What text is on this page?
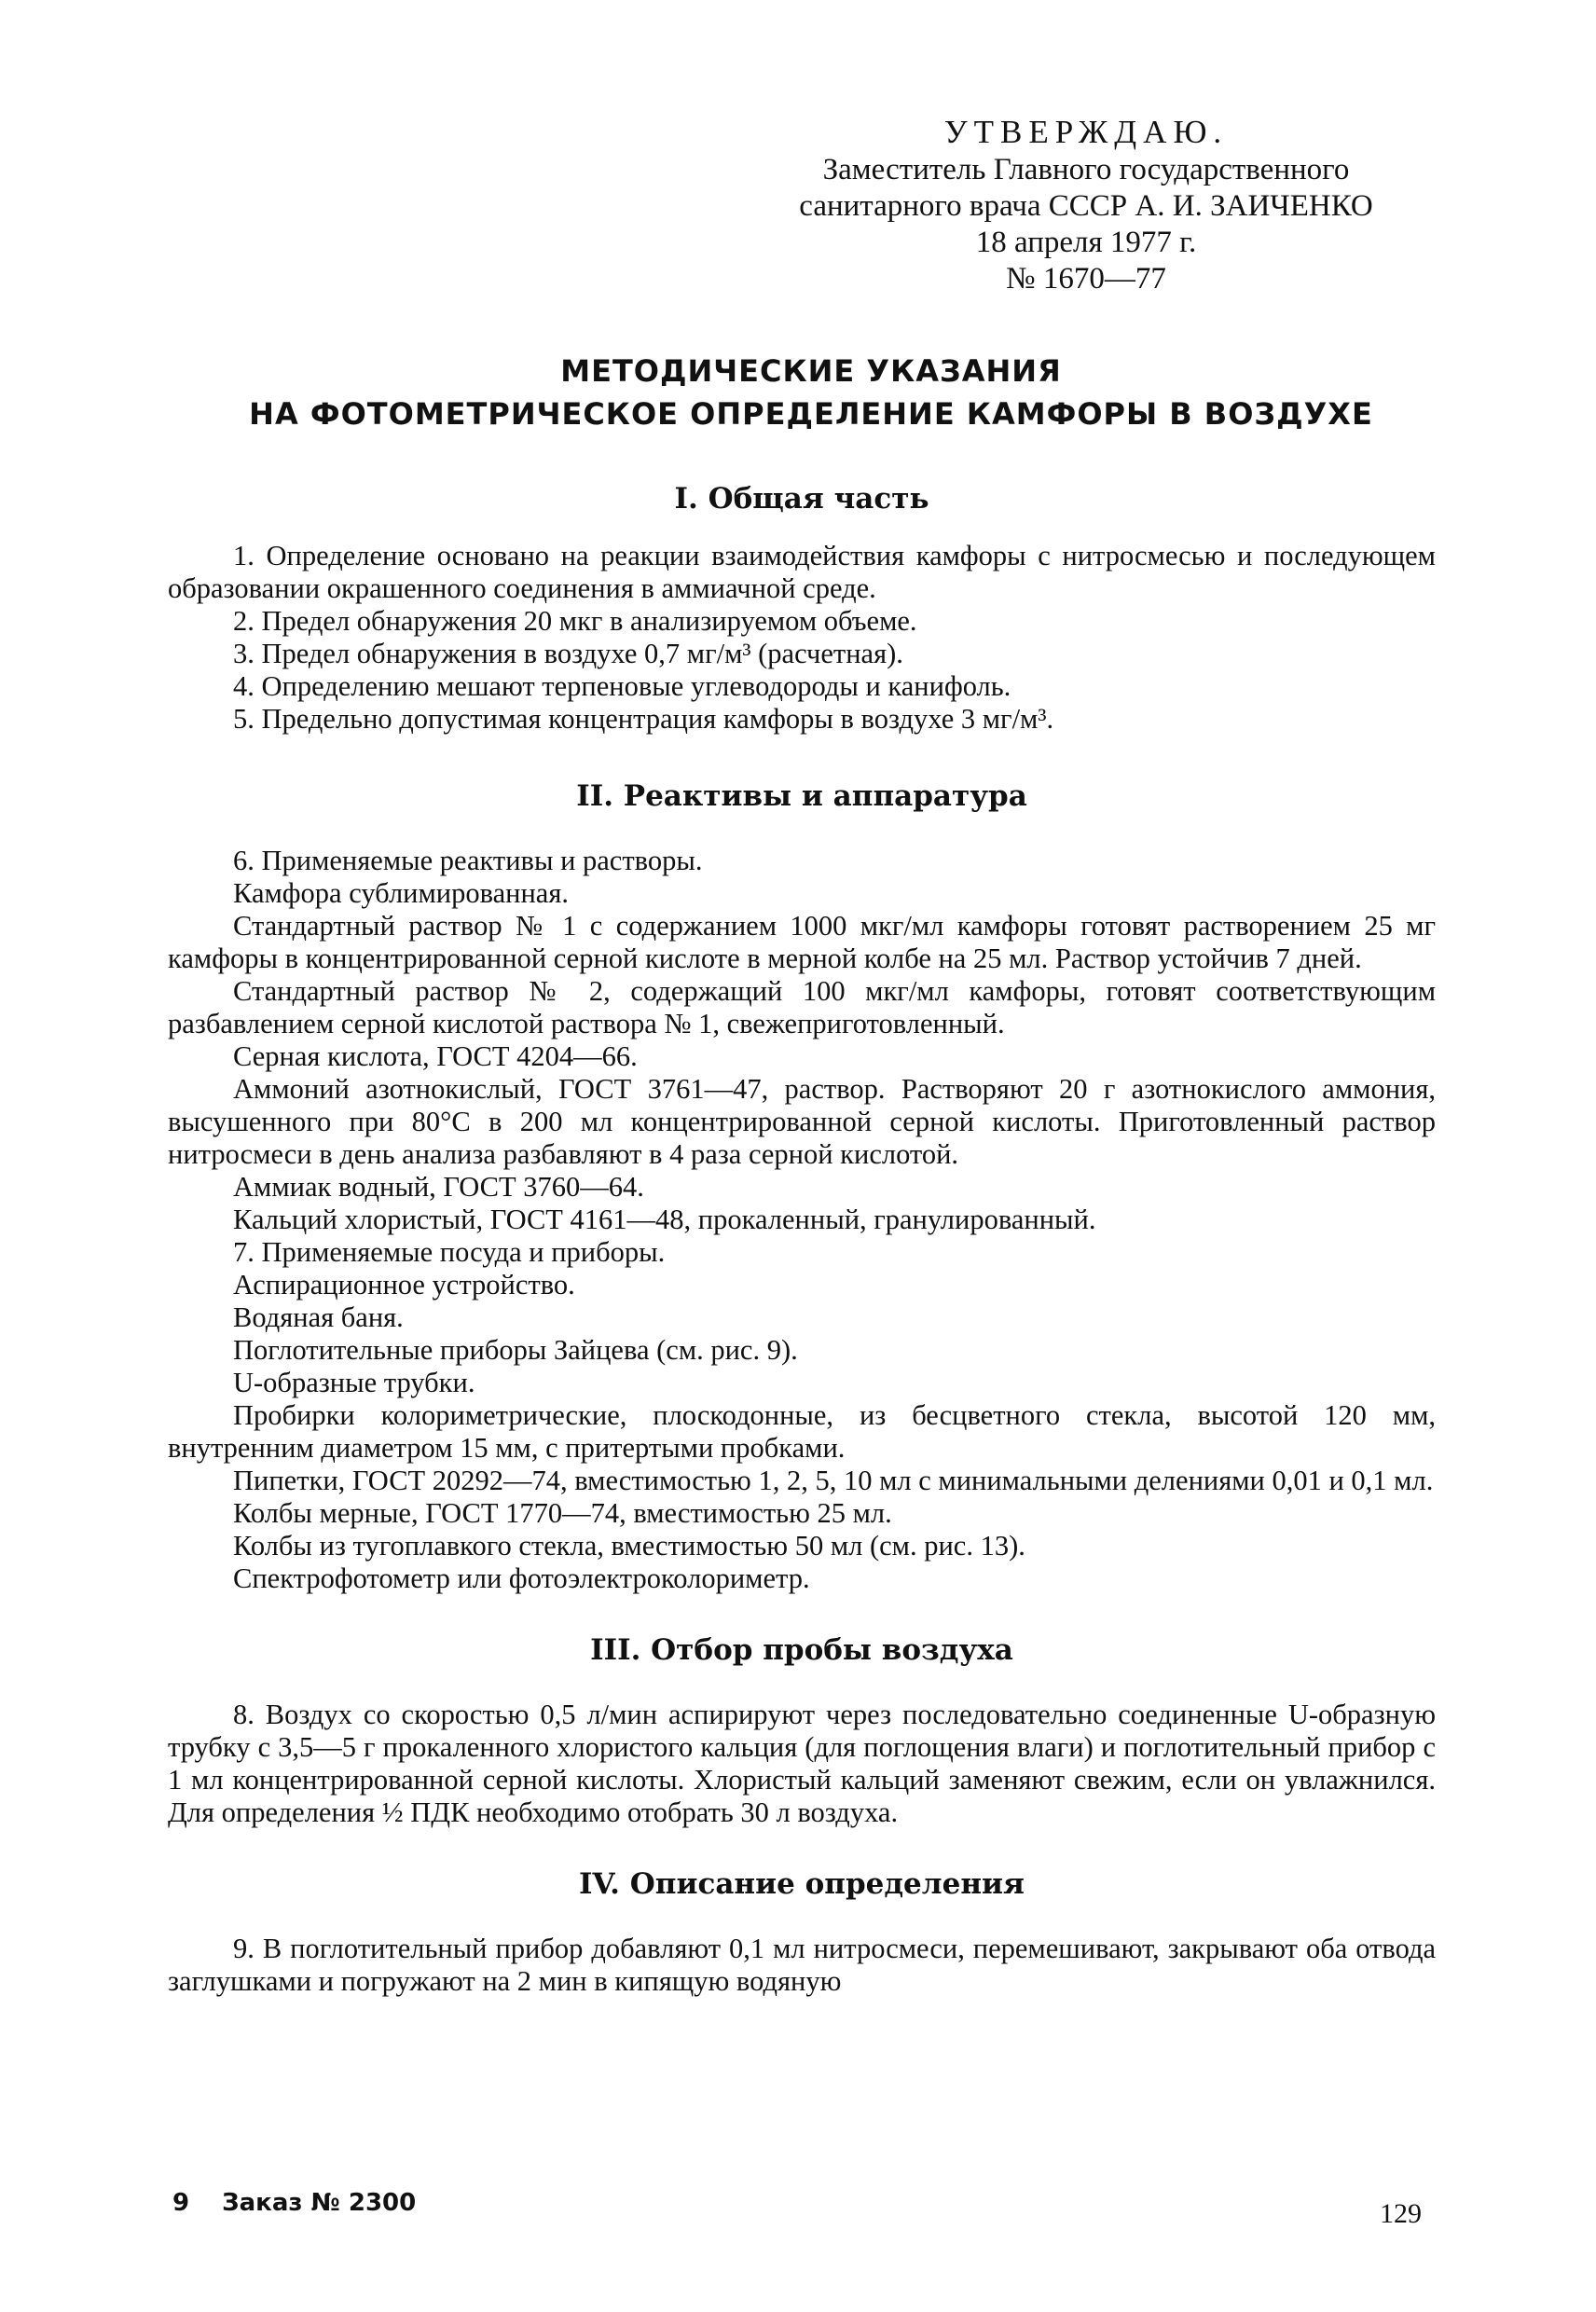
УТВЕРЖДАЮ.
Заместитель Главного государственного
санитарного врача СССР А. И. ЗАИЧЕНКО
18 апреля 1977 г.
№ 1670—77
МЕТОДИЧЕСКИЕ УКАЗАНИЯ
НА ФОТОМЕТРИЧЕСКОЕ ОПРЕДЕЛЕНИЕ КАМФОРЫ В ВОЗДУХЕ
I. Общая часть

1. Определение основано на реакции взаимодействия камфоры с нитросмесью и последующем образовании окрашенного соединения в аммиачной среде.

2. Предел обнаружения 20 мкг в анализируемом объеме.

3. Предел обнаружения в воздухе 0,7 мг/м³ (расчетная).

4. Определению мешают терпеновые углеводороды и канифоль.

5. Предельно допустимая концентрация камфоры в воздухе 3 мг/м³.

II. Реактивы и аппаратура

6. Применяемые реактивы и растворы.

Камфора сублимированная.

Стандартный раствор № 1 с содержанием 1000 мкг/мл камфоры готовят растворением 25 мг камфоры в концентрированной серной кислоте в мерной колбе на 25 мл. Раствор устойчив 7 дней.

Стандартный раствор № 2, содержащий 100 мкг/мл камфоры, готовят соответствующим разбавлением серной кислотой раствора № 1, свежеприготовленный.

Серная кислота, ГОСТ 4204—66.

Аммоний азотнокислый, ГОСТ 3761—47, раствор. Растворяют 20 г азотнокислого аммония, высушенного при 80°С в 200 мл концентрированной серной кислоты. Приготовленный раствор нитросмеси в день анализа разбавляют в 4 раза серной кислотой.

Аммиак водный, ГОСТ 3760—64.

Кальций хлористый, ГОСТ 4161—48, прокаленный, гранулированный.

7. Применяемые посуда и приборы.

Аспирационное устройство.

Водяная баня.

Поглотительные приборы Зайцева (см. рис. 9).

U-образные трубки.

Пробирки колориметрические, плоскодонные, из бесцветного стекла, высотой 120 мм, внутренним диаметром 15 мм, с притертыми пробками.

Пипетки, ГОСТ 20292—74, вместимостью 1, 2, 5, 10 мл с минимальными делениями 0,01 и 0,1 мл.

Колбы мерные, ГОСТ 1770—74, вместимостью 25 мл.

Колбы из тугоплавкого стекла, вместимостью 50 мл (см. рис. 13).

Спектрофотометр или фотоэлектроколориметр.

III. Отбор пробы воздуха

8. Воздух со скоростью 0,5 л/мин аспирируют через последовательно соединенные U-образную трубку с 3,5—5 г прокаленного хлористого кальция (для поглощения влаги) и поглотительный прибор с 1 мл концентрированной серной кислоты. Хлористый кальций заменяют свежим, если он увлажнился. Для определения ½ ПДК необходимо отобрать 30 л воздуха.

IV. Описание определения

9. В поглотительный прибор добавляют 0,1 мл нитросмеси, перемешивают, закрывают оба отвода заглушками и погружают на 2 мин в кипящую водяную

9 Заказ № 2300	129
